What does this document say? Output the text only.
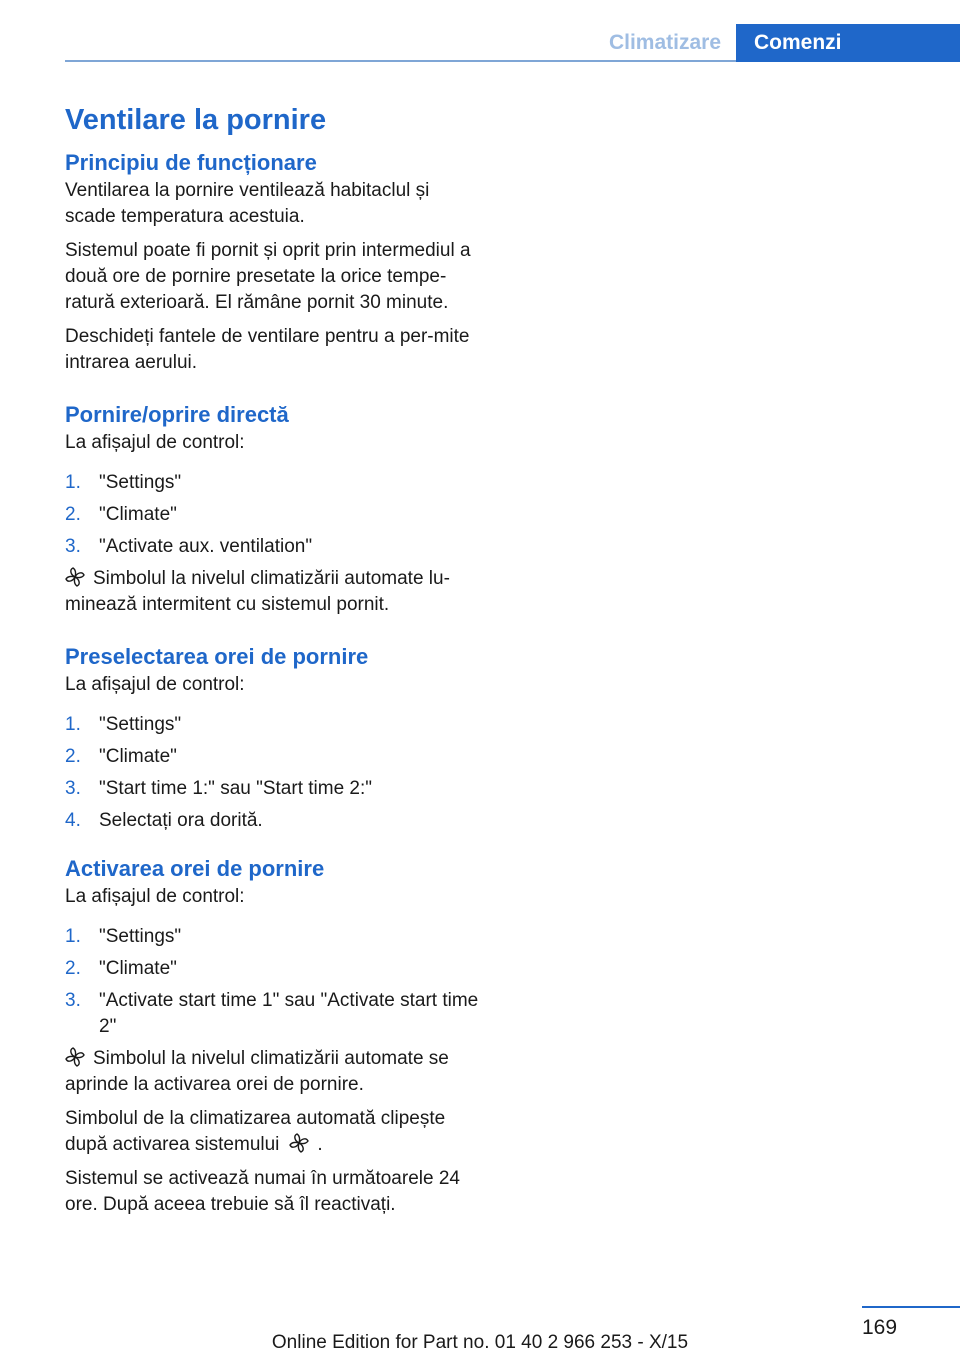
Climatizare	Comenzi
Ventilare la pornire
Principiu de funcționare

Ventilarea la pornire ventilează habitaclul și scade temperatura acestuia.

Sistemul poate fi pornit și oprit prin intermediul a două ore de pornire presetate la orice tempe‐ratură exterioară. El rămâne pornit 30 minute.

Deschideți fantele de ventilare pentru a per‐mite intrarea aerului.

Pornire/oprire directă

La afișajul de control:

1. "Settings"
2. "Climate"
3. "Activate aux. ventilation"

Simbolul la nivelul climatizării automate lu‐minează intermitent cu sistemul pornit.

Preselectarea orei de pornire

La afișajul de control:

1. "Settings"
2. "Climate"
3. "Start time 1:" sau "Start time 2:"
4. Selectați ora dorită.
Activarea orei de pornire

La afișajul de control:

1. "Settings"
2. "Climate"
3. "Activate start time 1" sau "Activate start time 2"

Simbolul la nivelul climatizării automate se aprinde la activarea orei de pornire.

Simbolul de la climatizarea automată clipește după activarea sistemului .

Sistemul se activează numai în următoarele 24 ore. După aceea trebuie să îl reactivați.

169
Online Edition for Part no. 01 40 2 966 253 - X/15
